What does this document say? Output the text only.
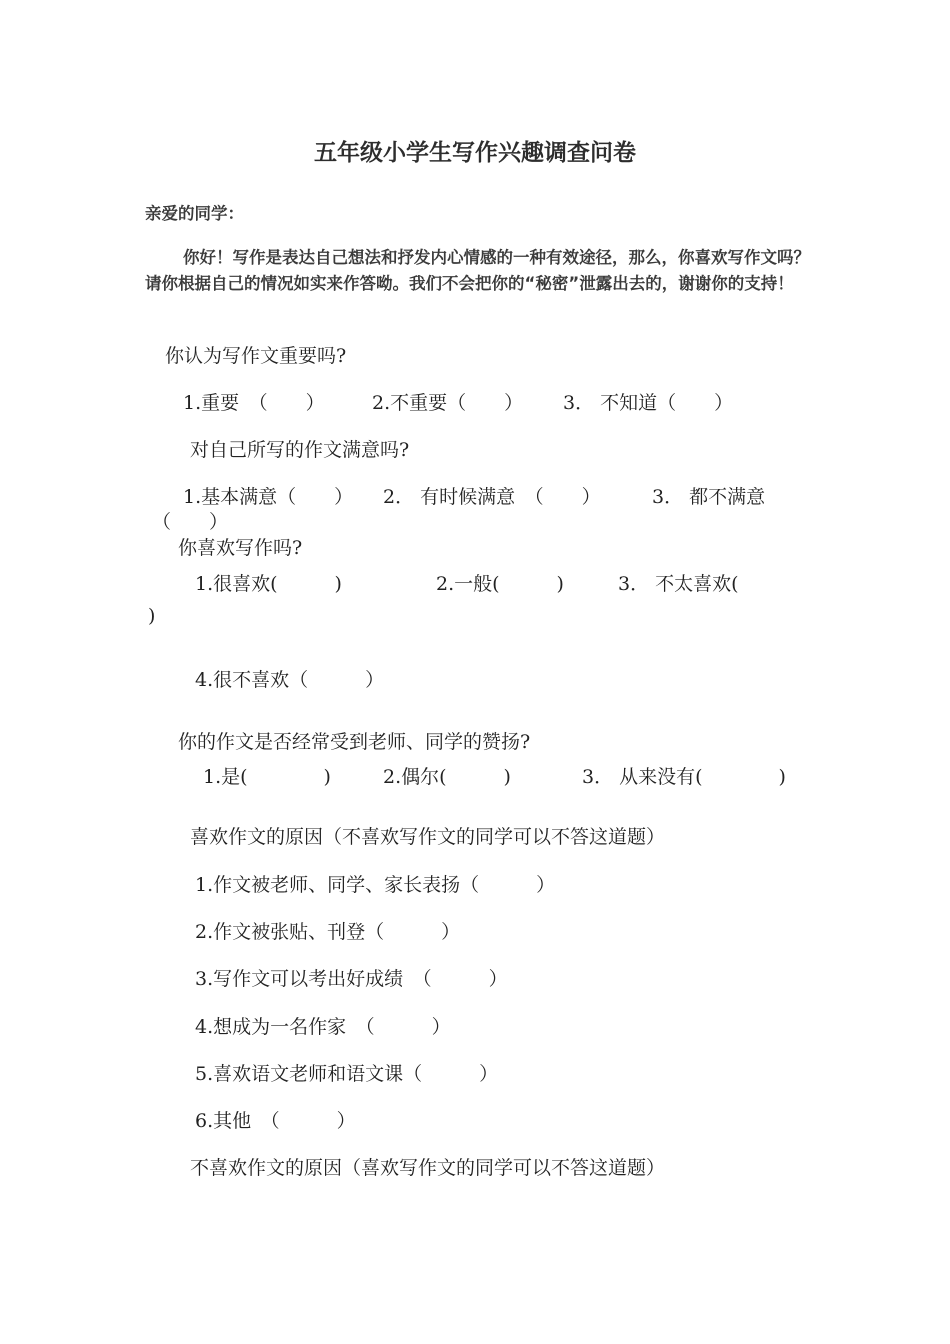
五年级小学生写作兴趣调查问卷

亲爱的同学：

你好！写作是表达自己想法和抒发内心情感的一种有效途径，那么，你喜欢写作文吗？请你根据自己的情况如实来作答呦。我们不会把你的“秘密”泄露出去的，谢谢你的支持！

你认为写作文重要吗?

1.重要　（　　） 2.不重要（　　） 3． 不知道（　　）

对自己所写的作文满意吗?

1.基本满意（　　） 2． 有时候满意　（　　）	3． 都不满意

（　　）

你喜欢写作吗?

1.很喜欢(　　　)	2.一般(　　　)	3． 不太喜欢(

)

4.很不喜欢（　　　）

你的作文是否经常受到老师、同学的赞扬?

1.是(　　　　)	2.偶尔(　　　)	3． 从来没有(　　　　)

喜欢作文的原因（不喜欢写作文的同学可以不答这道题）

1.作文被老师、同学、家长表扬（　　　）

2.作文被张贴、刊登（　　　）

3.写作文可以考出好成绩　（　　　）

4.想成为一名作家　（　　　）

5.喜欢语文老师和语文课（　　　）

6.其他　（　　　）

不喜欢作文的原因（喜欢写作文的同学可以不答这道题）
